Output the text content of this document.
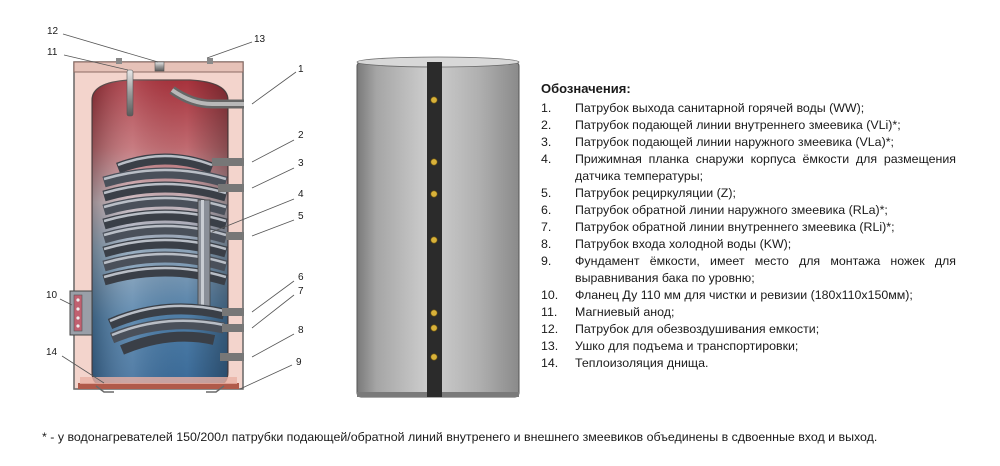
1
2
3
4
5
6
7
8
9
10
11
12
13
14

Обозначения:

1. Патрубок выхода санитарной горячей воды (WW);
2. Патрубок подающей линии внутреннего змеевика (VLi)*;
3. Патрубок подающей линии наружного змеевика (VLa)*;
4. Прижимная планка снаружи корпуса ёмкости для размещения датчика температуры;
5. Патрубок рециркуляции (Z);
6. Патрубок обратной линии наружного змеевика (RLa)*;
7. Патрубок обратной линии внутреннего змеевика (RLi)*;
8. Патрубок входа холодной воды (KW);
9. Фундамент ёмкости, имеет место для монтажа ножек для выравнивания бака по уровню;
10. Фланец Ду 110 мм для чистки и ревизии (180х110х150мм);
11. Магниевый анод;
12. Патрубок для обезвоздушивания емкости;
13. Ушко для подъема и транспортировки;
14. Теплоизоляция днища.
* - у водонагревателей 150/200л патрубки подающей/обратной линий внутренего и внешнего змеевиков объединены в сдвоенные вход и выход.
